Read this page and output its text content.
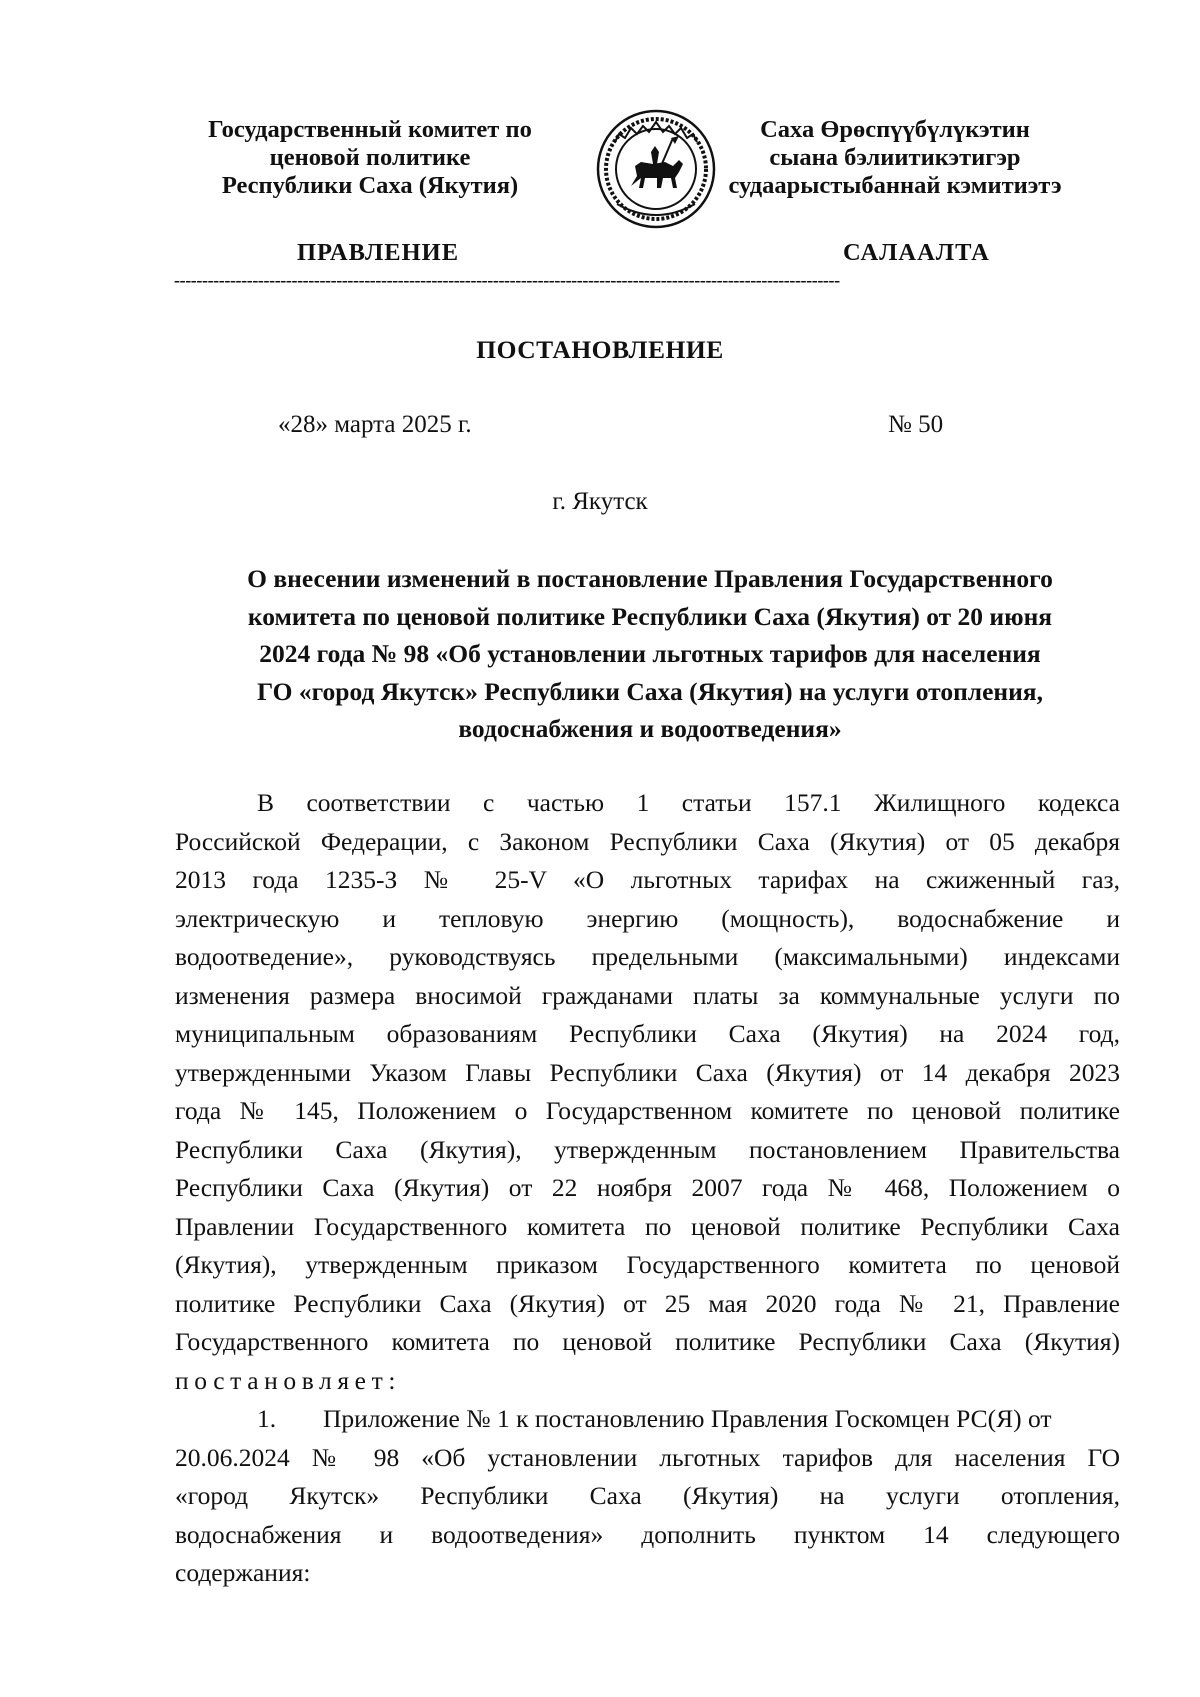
Государственный комитет по
ценовой политике
Республики Саха (Якутия)
Саха Өрөспүүбүлүкэтин
сыана бэлиитикэтигэр
судаарыстыбаннай кэмитиэтэ
ПРАВЛЕНИЕ	САЛААЛТА
-----------------------------------------------------------------------------------------------------------------------
ПОСТАНОВЛЕНИЕ
«28» марта 2025 г.	№ 50
г. Якутск
О внесении изменений в постановление Правления Государственного
комитета по ценовой политике Республики Саха (Якутия) от 20 июня
2024 года № 98 «Об установлении льготных тарифов для населения
ГО «город Якутск» Республики Саха (Якутия) на услуги отопления,
водоснабжения и водоотведения»
В соответствии с частью 1 статьи 157.1 Жилищного кодекса
Российской Федерации, с Законом Республики Саха (Якутия) от 05 декабря
2013 года 1235-З № 25-V «О льготных тарифах на сжиженный газ,
электрическую и тепловую энергию (мощность), водоснабжение и
водоотведение», руководствуясь предельными (максимальными) индексами
изменения размера вносимой гражданами платы за коммунальные услуги по
муниципальным образованиям Республики Саха (Якутия) на 2024 год,
утвержденными Указом Главы Республики Саха (Якутия) от 14 декабря 2023
года № 145, Положением о Государственном комитете по ценовой политике
Республики Саха (Якутия), утвержденным постановлением Правительства
Республики Саха (Якутия) от 22 ноября 2007 года № 468, Положением о
Правлении Государственного комитета по ценовой политике Республики Саха
(Якутия), утвержденным приказом Государственного комитета по ценовой
политике Республики Саха (Якутия) от 25 мая 2020 года № 21, Правление
Государственного комитета по ценовой политике Республики Саха (Якутия)
постановляет:
1. Приложение № 1 к постановлению Правления Госкомцен РС(Я) от
20.06.2024 № 98 «Об установлении льготных тарифов для населения ГО
«город Якутск» Республики Саха (Якутия) на услуги отопления,
водоснабжения и водоотведения» дополнить пунктом 14 следующего
содержания:
